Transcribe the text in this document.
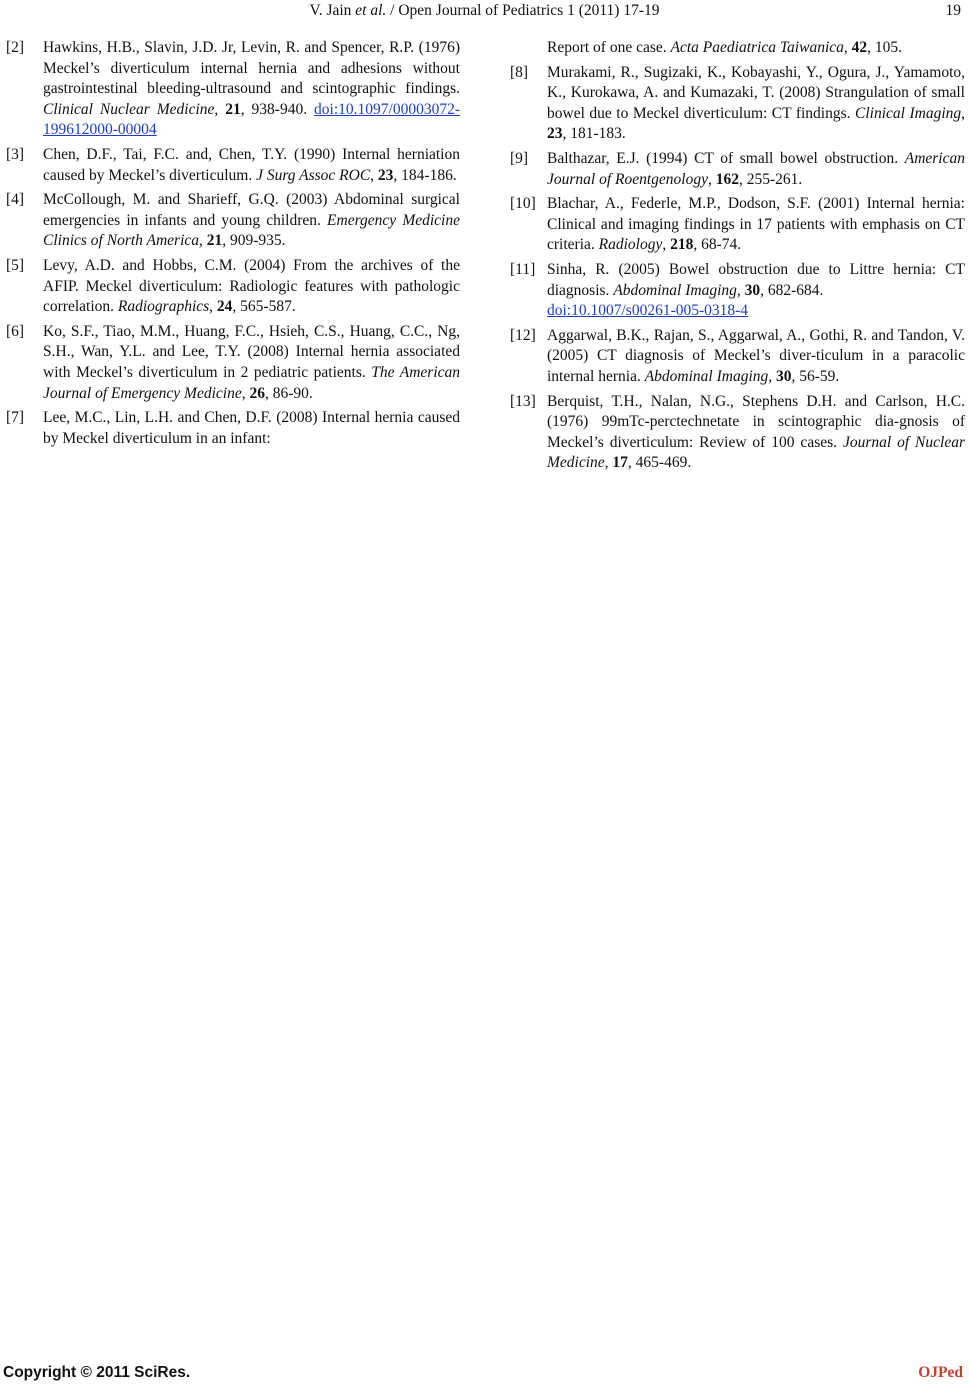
V. Jain et al. / Open Journal of Pediatrics 1 (2011) 17-19	19
[2] Hawkins, H.B., Slavin, J.D. Jr, Levin, R. and Spencer, R.P. (1976) Meckel’s diverticulum internal hernia and adhesions without gastrointestinal bleeding-ultrasound and scintographic findings. Clinical Nuclear Medicine, 21, 938-940. doi:10.1097/00003072-199612000-00004
[3] Chen, D.F., Tai, F.C. and, Chen, T.Y. (1990) Internal herniation caused by Meckel’s diverticulum. J Surg Assoc ROC, 23, 184-186.
[4] McCollough, M. and Sharieff, G.Q. (2003) Abdominal surgical emergencies in infants and young children. Emergency Medicine Clinics of North America, 21, 909-935.
[5] Levy, A.D. and Hobbs, C.M. (2004) From the archives of the AFIP. Meckel diverticulum: Radiologic features with pathologic correlation. Radiographics, 24, 565-587.
[6] Ko, S.F., Tiao, M.M., Huang, F.C., Hsieh, C.S., Huang, C.C., Ng, S.H., Wan, Y.L. and Lee, T.Y. (2008) Internal hernia associated with Meckel’s diverticulum in 2 pediatric patients. The American Journal of Emergency Medicine, 26, 86-90.
[7] Lee, M.C., Lin, L.H. and Chen, D.F. (2008) Internal hernia caused by Meckel diverticulum in an infant:
Report of one case. Acta Paediatrica Taiwanica, 42, 105.
[8] Murakami, R., Sugizaki, K., Kobayashi, Y., Ogura, J., Yamamoto, K., Kurokawa, A. and Kumazaki, T. (2008) Strangulation of small bowel due to Meckel diverticulum: CT findings. Clinical Imaging, 23, 181-183.
[9] Balthazar, E.J. (1994) CT of small bowel obstruction. American Journal of Roentgenology, 162, 255-261.
[10] Blachar, A., Federle, M.P., Dodson, S.F. (2001) Internal hernia: Clinical and imaging findings in 17 patients with emphasis on CT criteria. Radiology, 218, 68-74.
[11] Sinha, R. (2005) Bowel obstruction due to Littre hernia: CT diagnosis. Abdominal Imaging, 30, 682-684.
doi:10.1007/s00261-005-0318-4
[12] Aggarwal, B.K., Rajan, S., Aggarwal, A., Gothi, R. and Tandon, V. (2005) CT diagnosis of Meckel’s diver-ticulum in a paracolic internal hernia. Abdominal Imaging, 30, 56-59.
[13] Berquist, T.H., Nalan, N.G., Stephens D.H. and Carlson, H.C. (1976) 99mTc-perctechnetate in scintographic dia-gnosis of Meckel’s diverticulum: Review of 100 cases. Journal of Nuclear Medicine, 17, 465-469.
Copyright © 2011 SciRes.	OJPed
